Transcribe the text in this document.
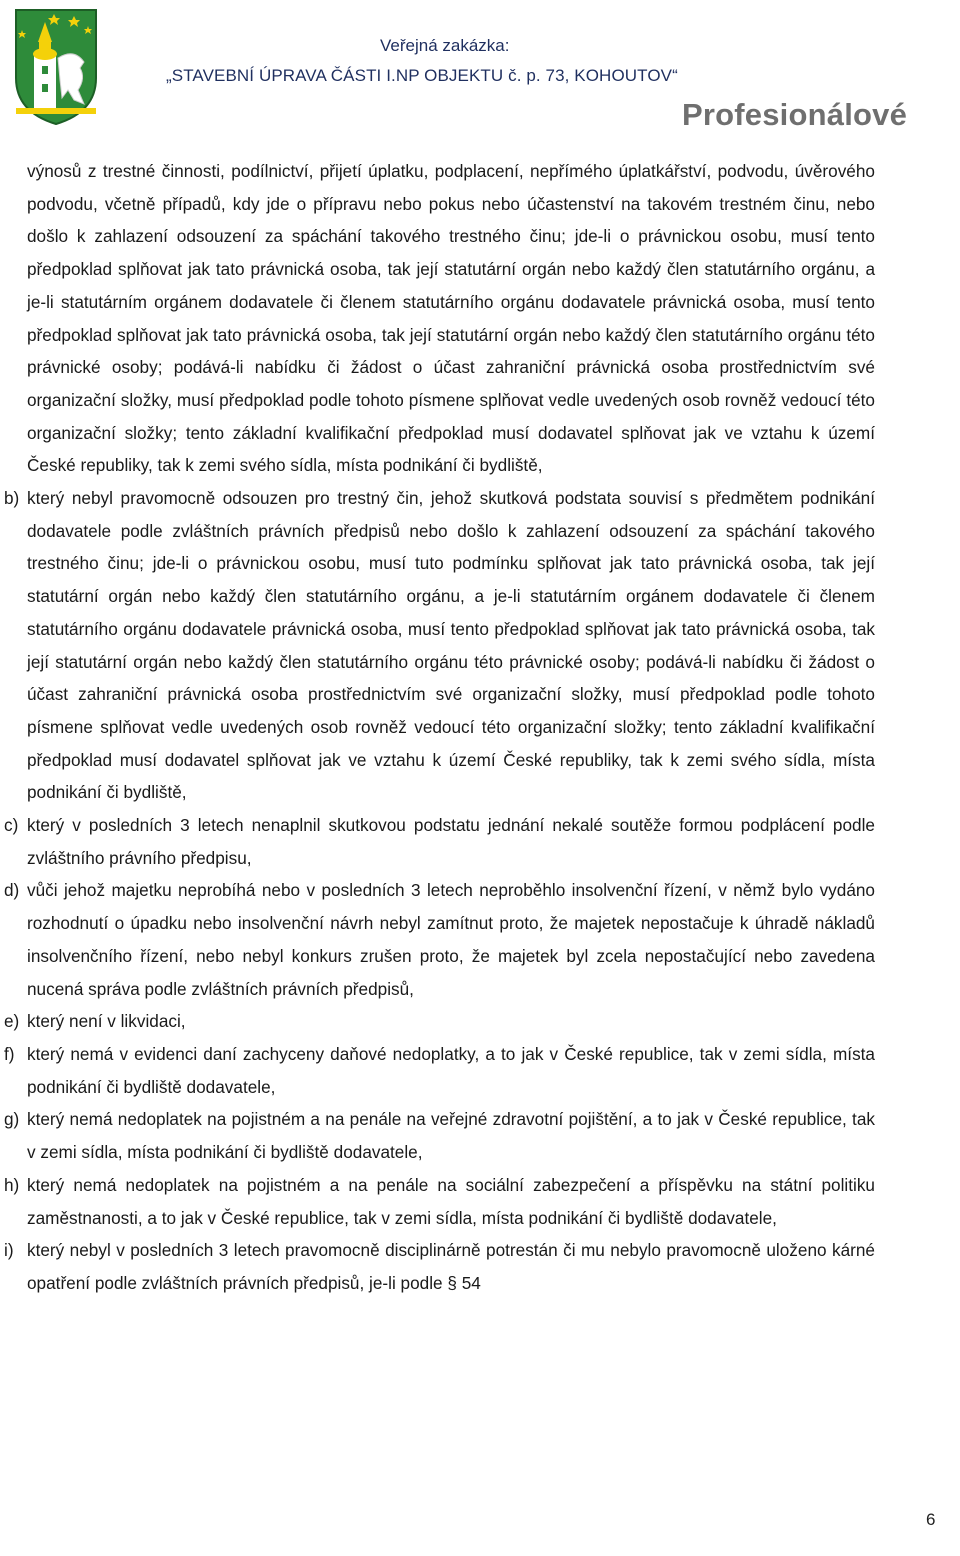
Veřejná zakázka:
„STAVEBNÍ ÚPRAVA ČÁSTI I.NP OBJEKTU č. p. 73, KOHOUTOV“
Profesionálové

výnosů z trestné činnosti, podílnictví, přijetí úplatku, podplacení, nepřímého úplatkářství, podvodu, úvěrového podvodu, včetně případů, kdy jde o přípravu nebo pokus nebo účastenství na takovém trestném činu, nebo došlo k zahlazení odsouzení za spáchání takového trestného činu; jde-li o právnickou osobu, musí tento předpoklad splňovat jak tato právnická osoba, tak její statutární orgán nebo každý člen statutárního orgánu, a je-li statutárním orgánem dodavatele či členem statutárního orgánu dodavatele právnická osoba, musí tento předpoklad splňovat jak tato právnická osoba, tak její statutární orgán nebo každý člen statutárního orgánu této právnické osoby; podává-li nabídku či žádost o účast zahraniční právnická osoba prostřednictvím své organizační složky, musí předpoklad podle tohoto písmene splňovat vedle uvedených osob rovněž vedoucí této organizační složky; tento základní kvalifikační předpoklad musí dodavatel splňovat jak ve vztahu k území České republiky, tak k zemi svého sídla, místa podnikání či bydliště,

b) který nebyl pravomocně odsouzen pro trestný čin, jehož skutková podstata souvisí s předmětem podnikání dodavatele podle zvláštních právních předpisů nebo došlo k zahlazení odsouzení za spáchání takového trestného činu; jde-li o právnickou osobu, musí tuto podmínku splňovat jak tato právnická osoba, tak její statutární orgán nebo každý člen statutárního orgánu, a je-li statutárním orgánem dodavatele či členem statutárního orgánu dodavatele právnická osoba, musí tento předpoklad splňovat jak tato právnická osoba, tak její statutární orgán nebo každý člen statutárního orgánu této právnické osoby; podává-li nabídku či žádost o účast zahraniční právnická osoba prostřednictvím své organizační složky, musí předpoklad podle tohoto písmene splňovat vedle uvedených osob rovněž vedoucí této organizační složky; tento základní kvalifikační předpoklad musí dodavatel splňovat jak ve vztahu k území České republiky, tak k zemi svého sídla, místa podnikání či bydliště,
c) který v posledních 3 letech nenaplnil skutkovou podstatu jednání nekalé soutěže formou podplácení podle zvláštního právního předpisu,
d) vůči jehož majetku neprobíhá nebo v posledních 3 letech neproběhlo insolvenční řízení, v němž bylo vydáno rozhodnutí o úpadku nebo insolvenční návrh nebyl zamítnut proto, že majetek nepostačuje k úhradě nákladů insolvenčního řízení, nebo nebyl konkurs zrušen proto, že majetek byl zcela nepostačující nebo zavedena nucená správa podle zvláštních právních předpisů,
e) který není v likvidaci,
f) který nemá v evidenci daní zachyceny daňové nedoplatky, a to jak v České republice, tak v zemi sídla, místa podnikání či bydliště dodavatele,
g) který nemá nedoplatek na pojistném a na penále na veřejné zdravotní pojištění, a to jak v České republice, tak v zemi sídla, místa podnikání či bydliště dodavatele,
h) který nemá nedoplatek na pojistném a na penále na sociální zabezpečení a příspěvku na státní politiku zaměstnanosti, a to jak v České republice, tak v zemi sídla, místa podnikání či bydliště dodavatele,
i) který nebyl v posledních 3 letech pravomocně disciplinárně potrestán či mu nebylo pravomocně uloženo kárné opatření podle zvláštních právních předpisů, je-li podle § 54
6
